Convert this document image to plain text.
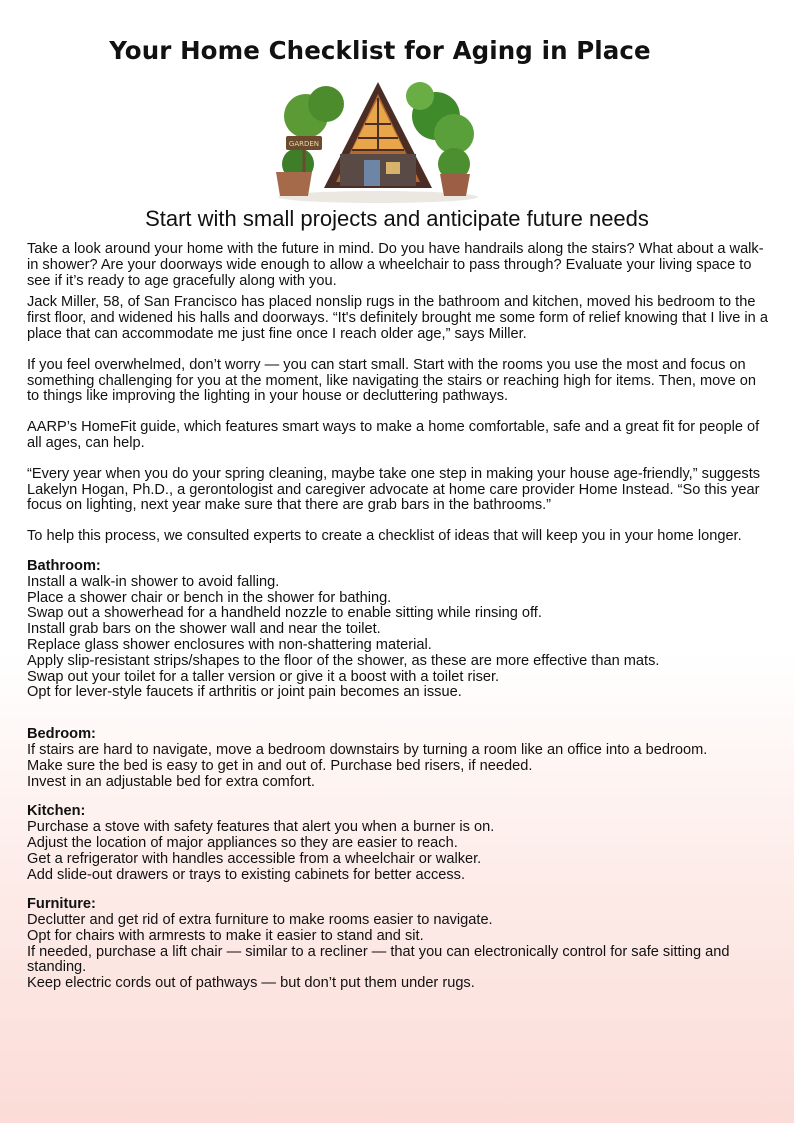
Your Home Checklist for Aging in Place
GARDEN
Start with small projects and anticipate future needs

Take a look around your home with the future in mind. Do you have handrails along the stairs? What about a walk-in shower? Are your doorways wide enough to allow a wheelchair to pass through? Evaluate your living space to see if it’s ready to age gracefully along with you.

Jack Miller, 58, of San Francisco has placed nonslip rugs in the bathroom and kitchen, moved his bedroom to the first floor, and widened his halls and doorways. “It's definitely brought me some form of relief knowing that I live in a place that can accommodate me just fine once I reach older age,” says Miller.

If you feel overwhelmed, don’t worry — you can start small. Start with the rooms you use the most and focus on something challenging for you at the moment, like navigating the stairs or reaching high for items. Then, move on to things like improving the lighting in your house or decluttering pathways.

AARP’s HomeFit guide, which features smart ways to make a home comfortable, safe and a great fit for people of all ages, can help.

“Every year when you do your spring cleaning, maybe take one step in making your house age-friendly,” suggests Lakelyn Hogan, Ph.D., a gerontologist and caregiver advocate at home care provider Home Instead. “So this year focus on lighting, next year make sure that there are grab bars in the bathrooms.”

To help this process, we consulted experts to create a checklist of ideas that will keep you in your home longer.

Bathroom:
Install a walk-in shower to avoid falling.
Place a shower chair or bench in the shower for bathing.
Swap out a showerhead for a handheld nozzle to enable sitting while rinsing off.
Install grab bars on the shower wall and near the toilet.
Replace glass shower enclosures with non-shattering material.
Apply slip-resistant strips/shapes to the floor of the shower, as these are more effective than mats.
Swap out your toilet for a taller version or give it a boost with a toilet riser.
Opt for lever-style faucets if arthritis or joint pain becomes an issue.
Bedroom:
If stairs are hard to navigate, move a bedroom downstairs by turning a room like an office into a bedroom.
Make sure the bed is easy to get in and out of. Purchase bed risers, if needed.
Invest in an adjustable bed for extra comfort.
Kitchen:
Purchase a stove with safety features that alert you when a burner is on.
Adjust the location of major appliances so they are easier to reach.
Get a refrigerator with handles accessible from a wheelchair or walker.
Add slide-out drawers or trays to existing cabinets for better access.
Furniture:
Declutter and get rid of extra furniture to make rooms easier to navigate.
Opt for chairs with armrests to make it easier to stand and sit.
If needed, purchase a lift chair — similar to a recliner — that you can electronically control for safe sitting and standing.
Keep electric cords out of pathways — but don’t put them under rugs.
